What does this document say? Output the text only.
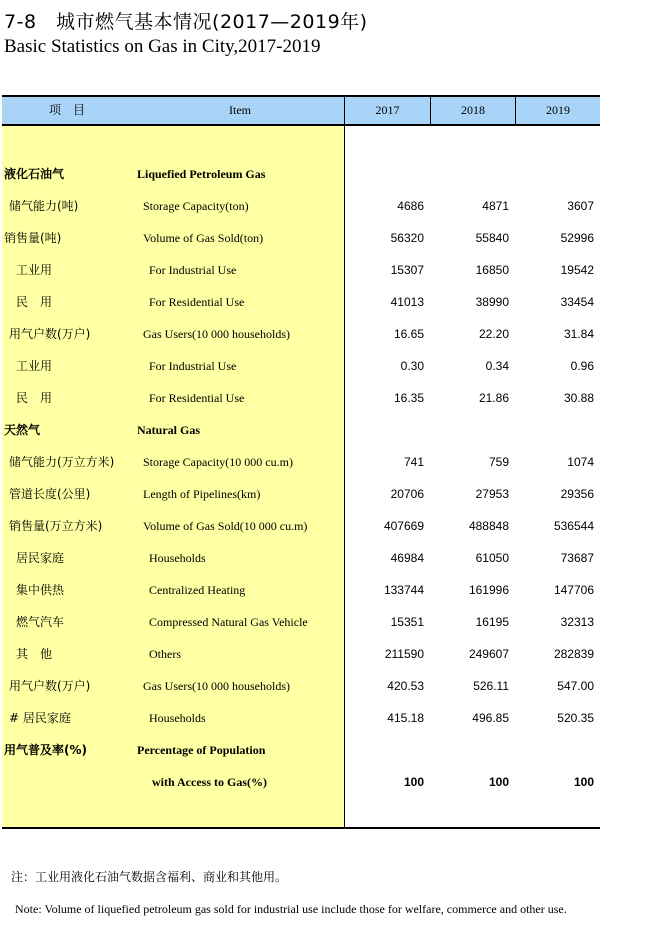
7-8　城市燃气基本情况(2017—2019年)
Basic Statistics on Gas in City,2017-2019
项　目	Item	2017	2018	2019
液化石油气	Liquefied Petroleum Gas
储气能力(吨)	Storage Capacity(ton)	4686	4871	3607
销售量(吨)	Volume of Gas Sold(ton)	56320	55840	52996
工业用	For Industrial Use	15307	16850	19542
民　用	For Residential Use	41013	38990	33454
用气户数(万户)	Gas Users(10 000 households)	16.65	22.20	31.84
工业用	For Industrial Use	0.30	0.34	0.96
民　用	For Residential Use	16.35	21.86	30.88
天然气	Natural Gas
储气能力(万立方米) Storage Capacity(10 000 cu.m)	741	759	1074
管道长度(公里)	Length of Pipelines(km)	20706	27953	29356
销售量(万立方米)	Volume of Gas Sold(10 000 cu.m)	407669	488848	536544
居民家庭	Households	46984	61050	73687
集中供热	Centralized Heating	133744	161996	147706
燃气汽车	Compressed Natural Gas Vehicle	15351	16195	32313
其　他	Others	211590	249607	282839
用气户数(万户)	Gas Users(10 000 households)	420.53	526.11	547.00
# 居民家庭	Households	415.18	496.85	520.35
用气普及率(%)	Percentage of Population
with Access to Gas(%)	100	100	100
注：工业用液化石油气数据含福利、商业和其他用。
Note: Volume of liquefied petroleum gas sold for industrial use include those for welfare, commerce and other use.
